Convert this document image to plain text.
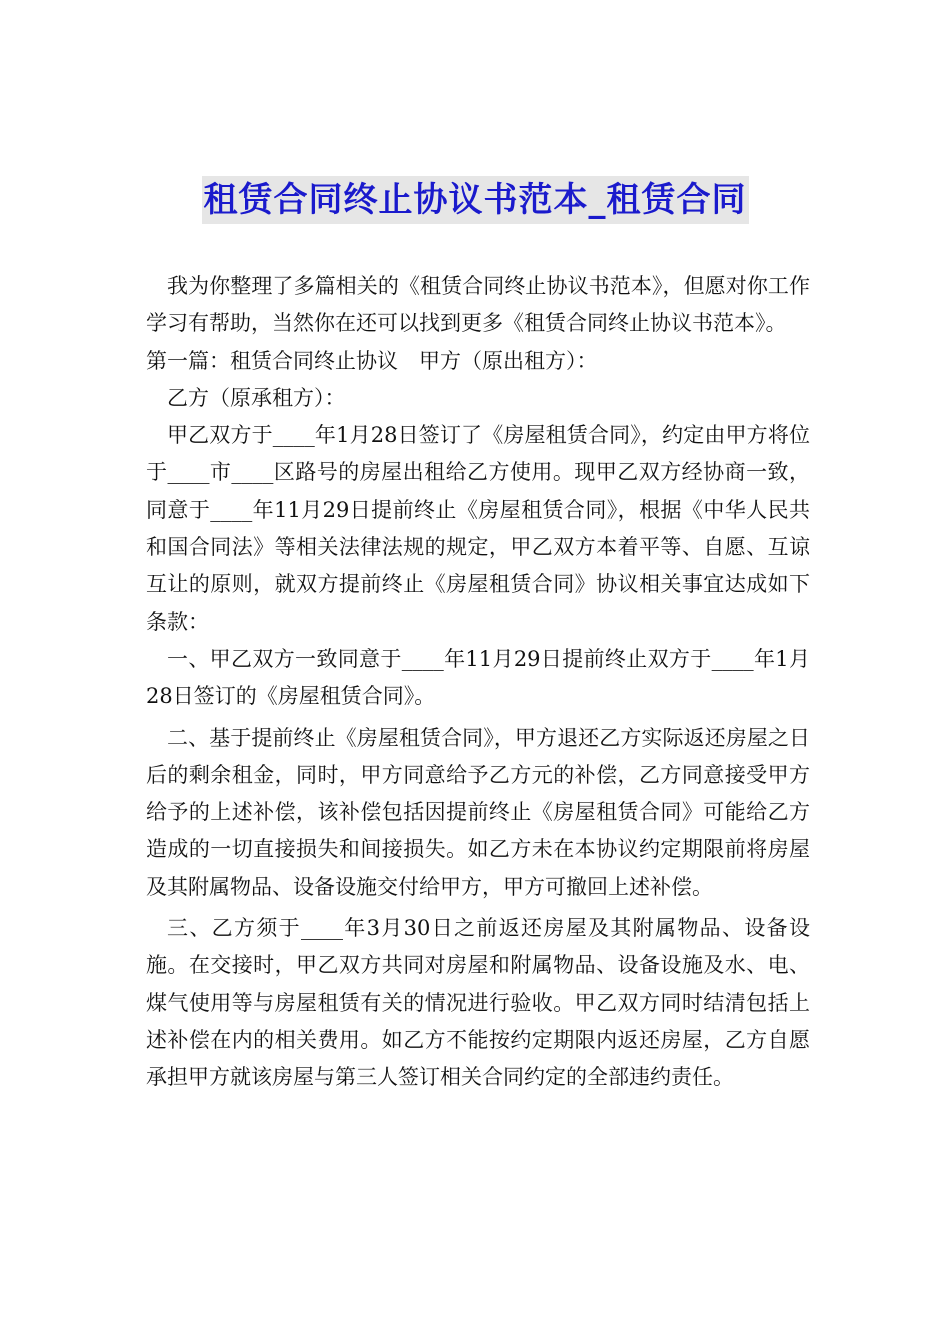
租赁合同终止协议书范本_租赁合同

我为你整理了多篇相关的《租赁合同终止协议书范本》，但愿对你工作学习有帮助，当然你在还可以找到更多《租赁合同终止协议书范本》。

第一篇：租赁合同终止协议　甲方（原出租方）：

乙方（原承租方）：

甲乙双方于____年1月28日签订了《房屋租赁合同》，约定由甲方将位于____市____区路号的房屋出租给乙方使用。现甲乙双方经协商一致，同意于____年11月29日提前终止《房屋租赁合同》，根据《中华人民共和国合同法》等相关法律法规的规定，甲乙双方本着平等、自愿、互谅互让的原则，就双方提前终止《房屋租赁合同》协议相关事宜达成如下条款：

一、甲乙双方一致同意于____年11月29日提前终止双方于____年1月28日签订的《房屋租赁合同》。

二、基于提前终止《房屋租赁合同》，甲方退还乙方实际返还房屋之日后的剩余租金，同时，甲方同意给予乙方元的补偿，乙方同意接受甲方给予的上述补偿，该补偿包括因提前终止《房屋租赁合同》可能给乙方造成的一切直接损失和间接损失。如乙方未在本协议约定期限前将房屋及其附属物品、设备设施交付给甲方，甲方可撤回上述补偿。

三、乙方须于____年3月30日之前返还房屋及其附属物品、设备设施。在交接时，甲乙双方共同对房屋和附属物品、设备设施及水、电、煤气使用等与房屋租赁有关的情况进行验收。甲乙双方同时结清包括上述补偿在内的相关费用。如乙方不能按约定期限内返还房屋，乙方自愿承担甲方就该房屋与第三人签订相关合同约定的全部违约责任。
